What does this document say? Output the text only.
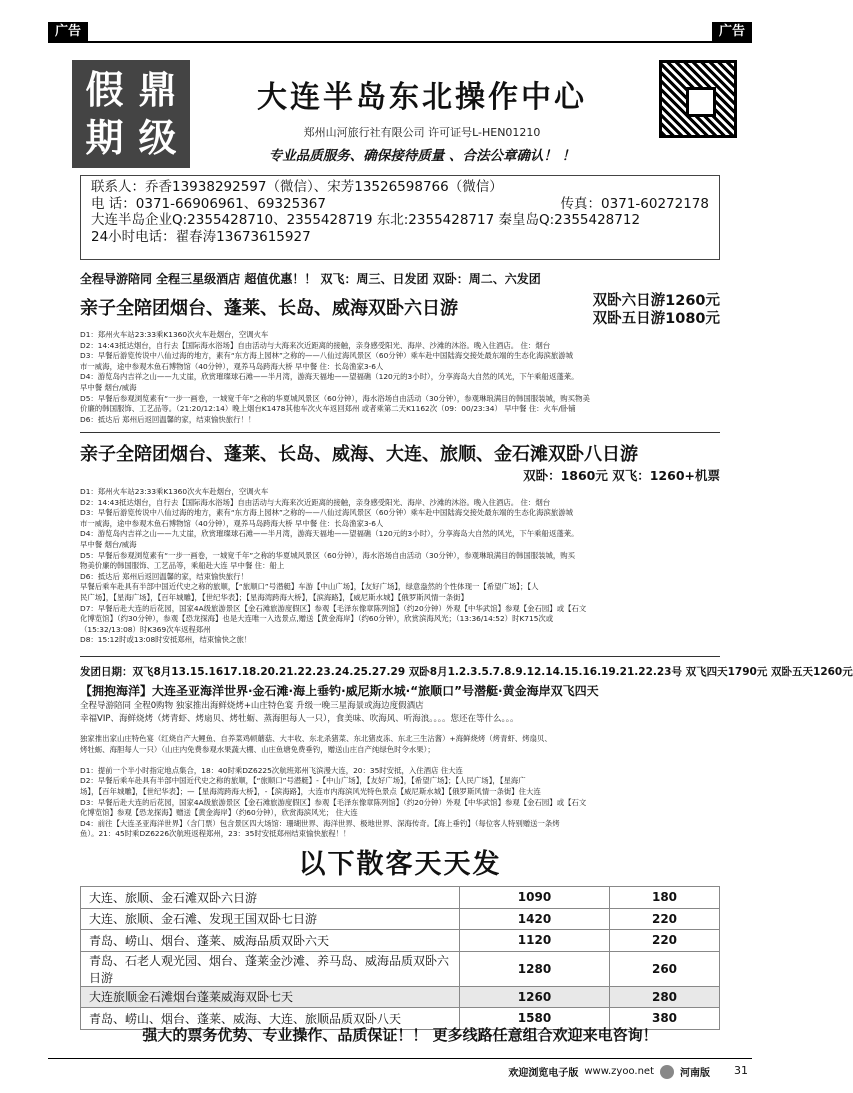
广告	广告
假 鼎
期 级
大连半岛东北操作中心
郑州山河旅行社有限公司 许可证号L-HEN01210
专业品质服务、确保接待质量 、合法公章确认！ ！
联系人：乔香13938292597（微信）、宋芳13526598766（微信）
电 话：0371-66906961、69325367	传真：0371-60272178
大连半岛企业Q:2355428710、2355428719 东北:2355428717 秦皇岛Q:2355428712
24小时电话：翟春涛13673615927
全程导游陪同 全程三星级酒店 超值优惠！！ 双飞：周三、日发团 双卧：周二、六发团
亲子全陪团烟台、蓬莱、长岛、威海双卧六日游	双卧六日游1260元
双卧五日游1080元

D1：郑州火车站23:33乘K1360次火车赴烟台，空调火车

D2：14:43抵达烟台，自行去【国际海水浴场】自由活动与大海来次近距离的接触，亲身感受阳光、海岸、沙滩的沐浴。晚入住酒店。 住：烟台

D3：早餐后游览传说中八仙过海的地方，素有“东方海上园林”之称的——八仙过海风景区（60分钟）乘车赴中国陆海交接处最东端的生态化海滨旅游城

市一威海，途中参观木鱼石博物馆（40分钟），观养马岛跨海大桥 早中餐 住：长岛渔家3-6人

D4：游览岛内吉祥之山——九丈崖，欣赏璀璨球石滩——半月湾，游海天福地——望福礁（120元的3小时），分享海岛大自然的风光，下午乘船返蓬莱。

早中餐 烟台/威海

D5：早餐后参观浏览素有“一步一画卷，一城宽千年”之称的华夏城风景区（60分钟），海水浴场自由活动（30分钟），参观琳琅满目的韩国服装城，购买物美

价廉的韩国服饰、工艺品等。（21:20/12:14）晚上烟台K1478其他车次火车返回郑州 或者乘第二天K1162次（09：00/23:34） 早中餐 住：火车/卧铺

D6：抵达后 郑州后返回温馨的家，结束愉快旅行！！

亲子全陪团烟台、蓬莱、长岛、威海、大连、旅顺、金石滩双卧八日游
双卧：1860元 双飞：1260+机票

D1：郑州火车站23:33乘K1360次火车赴烟台，空调火车

D2：14:43抵达烟台，自行去【国际海水浴场】自由活动与大海来次近距离的接触，亲身感受阳光、海岸、沙滩的沐浴。晚入住酒店。 住：烟台

D3：早餐后游览传说中八仙过海的地方，素有“东方海上园林”之称的——八仙过海风景区（60分钟）乘车赴中国陆海交接处最东端的生态化海滨旅游城

市一威海，途中参观木鱼石博物馆（40分钟），观养马岛跨海大桥 早中餐 住：长岛渔家3-6人

D4：游览岛内吉祥之山——九丈崖，欣赏璀璨球石滩——半月湾，游海天福地——望福礁（120元的3小时），分享海岛大自然的风光，下午乘船返蓬莱。

早中餐 烟台/威海

D5：早餐后参观浏览素有“一步一画卷，一城宽千年”之称的华夏城风景区（60分钟），海水浴场自由活动（30分钟），参观琳琅满目的韩国服装城，购买

物美价廉的韩国服饰、工艺品等，乘船赴大连 早中餐 住：船上

D6：抵达后 郑州后返回温馨的家，结束愉快旅行！

早餐后乘车赴具有半部中国近代史之称的旅顺，【“旅顺口”号潜艇】车游【中山广场】，【友好广场】，绿意盎然的个性体现一【希望广场】；【人

民广场】，【星海广场】，【百年城雕】，【世纪华表】；【星海湾跨海大桥】，【滨海路】，【威尼斯水城】【俄罗斯风情一条街】

D7：早餐后赴大连的后花园，国家4A级旅游景区【金石滩旅游度假区】参观【毛泽东像章陈列馆】（约20分钟）外观【中华武馆】参观【金石园】或【石文

化博览馆】（约30分钟），参观【恐龙探海】也是大连唯一入选景点,赠送【黄金海岸】（约60分钟），欣赏滨海风光；（13:36/14:52）时K715次或

（15:32/13:08）时K369次车返程郑州

D8：15:12时或13:08时安抵郑州，结束愉快之旅！

发团日期：双飞8月13.15.1617.18.20.21.22.23.24.25.27.29 双卧8月1.2.3.5.7.8.9.12.14.15.16.19.21.22.23号 双飞四天1790元 双卧五天1260元
【拥抱海洋】大连圣亚海洋世界·金石滩·海上垂钓·威尼斯水城·“旅顺口”号潜艇·黄金海岸双飞四天
全程导游陪同 全程0购物 独家推出海鲜烧烤+山庄特色宴 升级一晚三星海景或海边度假酒店
幸福VIP、海鲜烧烤（烤青虾、烤扇贝、烤牡蛎、蒸海胆每人一只），食美味、吹海风、听海浪。。。。您还在等什么。。。

独家推出家山庄特色宴（红烧自产大鲤鱼、自养菜鸡顿蘑菇、大丰收、东北杀猪菜、东北猪皮冻、东北三生沾酱）+海鲜烧烤（烤青虾、烤扇贝、

烤牡蛎、海胆每人一只）（山庄内免费参观水果蔬大棚、山庄鱼塘免费垂钓，赠送山庄自产纯绿色时令水果）；

D1：提前一个半小时指定地点集合，18：40时乘DZ6225次航班郑州飞滨漫大连，20：35时安抵，入住酒店 住大连

D2：早餐后乘车赴具有半部中国近代史之称的旅顺，【“旅顺口”号潜艇】-【中山广场】，【友好广场】，【希望广场】；【人民广场】，【星海广

场】，【百年城雕】，【世纪华表】；—【星海湾跨海大桥】，-【滨海路】，大连市内海滨风光特色景点【威尼斯水城】【俄罗斯风情一条街】住大连

D3：早餐后赴大连的后花园，国家4A级旅游景区【金石滩旅游度假区】参观【毛泽东像章陈列馆】（约20分钟）外观【中华武馆】参观【金石园】或【石文

化博览馆】参观【恐龙探海】赠送【黄金海岸】（约60分钟），欣赏海滨风光； 住大连

D4：前往【大连圣亚海洋世界】（含门票）包含景区四大场馆：珊瑚世界、海洋世界、极地世界、深海传奇。【海上垂钓】（每位客人特别赠送一条烤

鱼）。21：45时乘DZ6226次航班返程郑州，23：35时安抵郑州结束愉快旅程！！

以下散客天天发
大连、旅顺、金石滩双卧六日游	1090	180
大连、旅顺、金石滩、发现王国双卧七日游	1420	220
青岛、崂山、烟台、蓬莱、威海品质双卧六天	1120	220
青岛、石老人观光园、烟台、蓬莱金沙滩、养马岛、威海品质双卧六日游	1280	260
大连旅顺金石滩烟台蓬莱威海双卧七天	1260	280
青岛、崂山、烟台、蓬莱、威海、大连、旅顺品质双卧八天	1580	380
强大的票务优势、专业操作、品质保证！！ 更多线路任意组合欢迎来电咨询！
欢迎浏览电子版 www.zyoo.net	河南版 31
